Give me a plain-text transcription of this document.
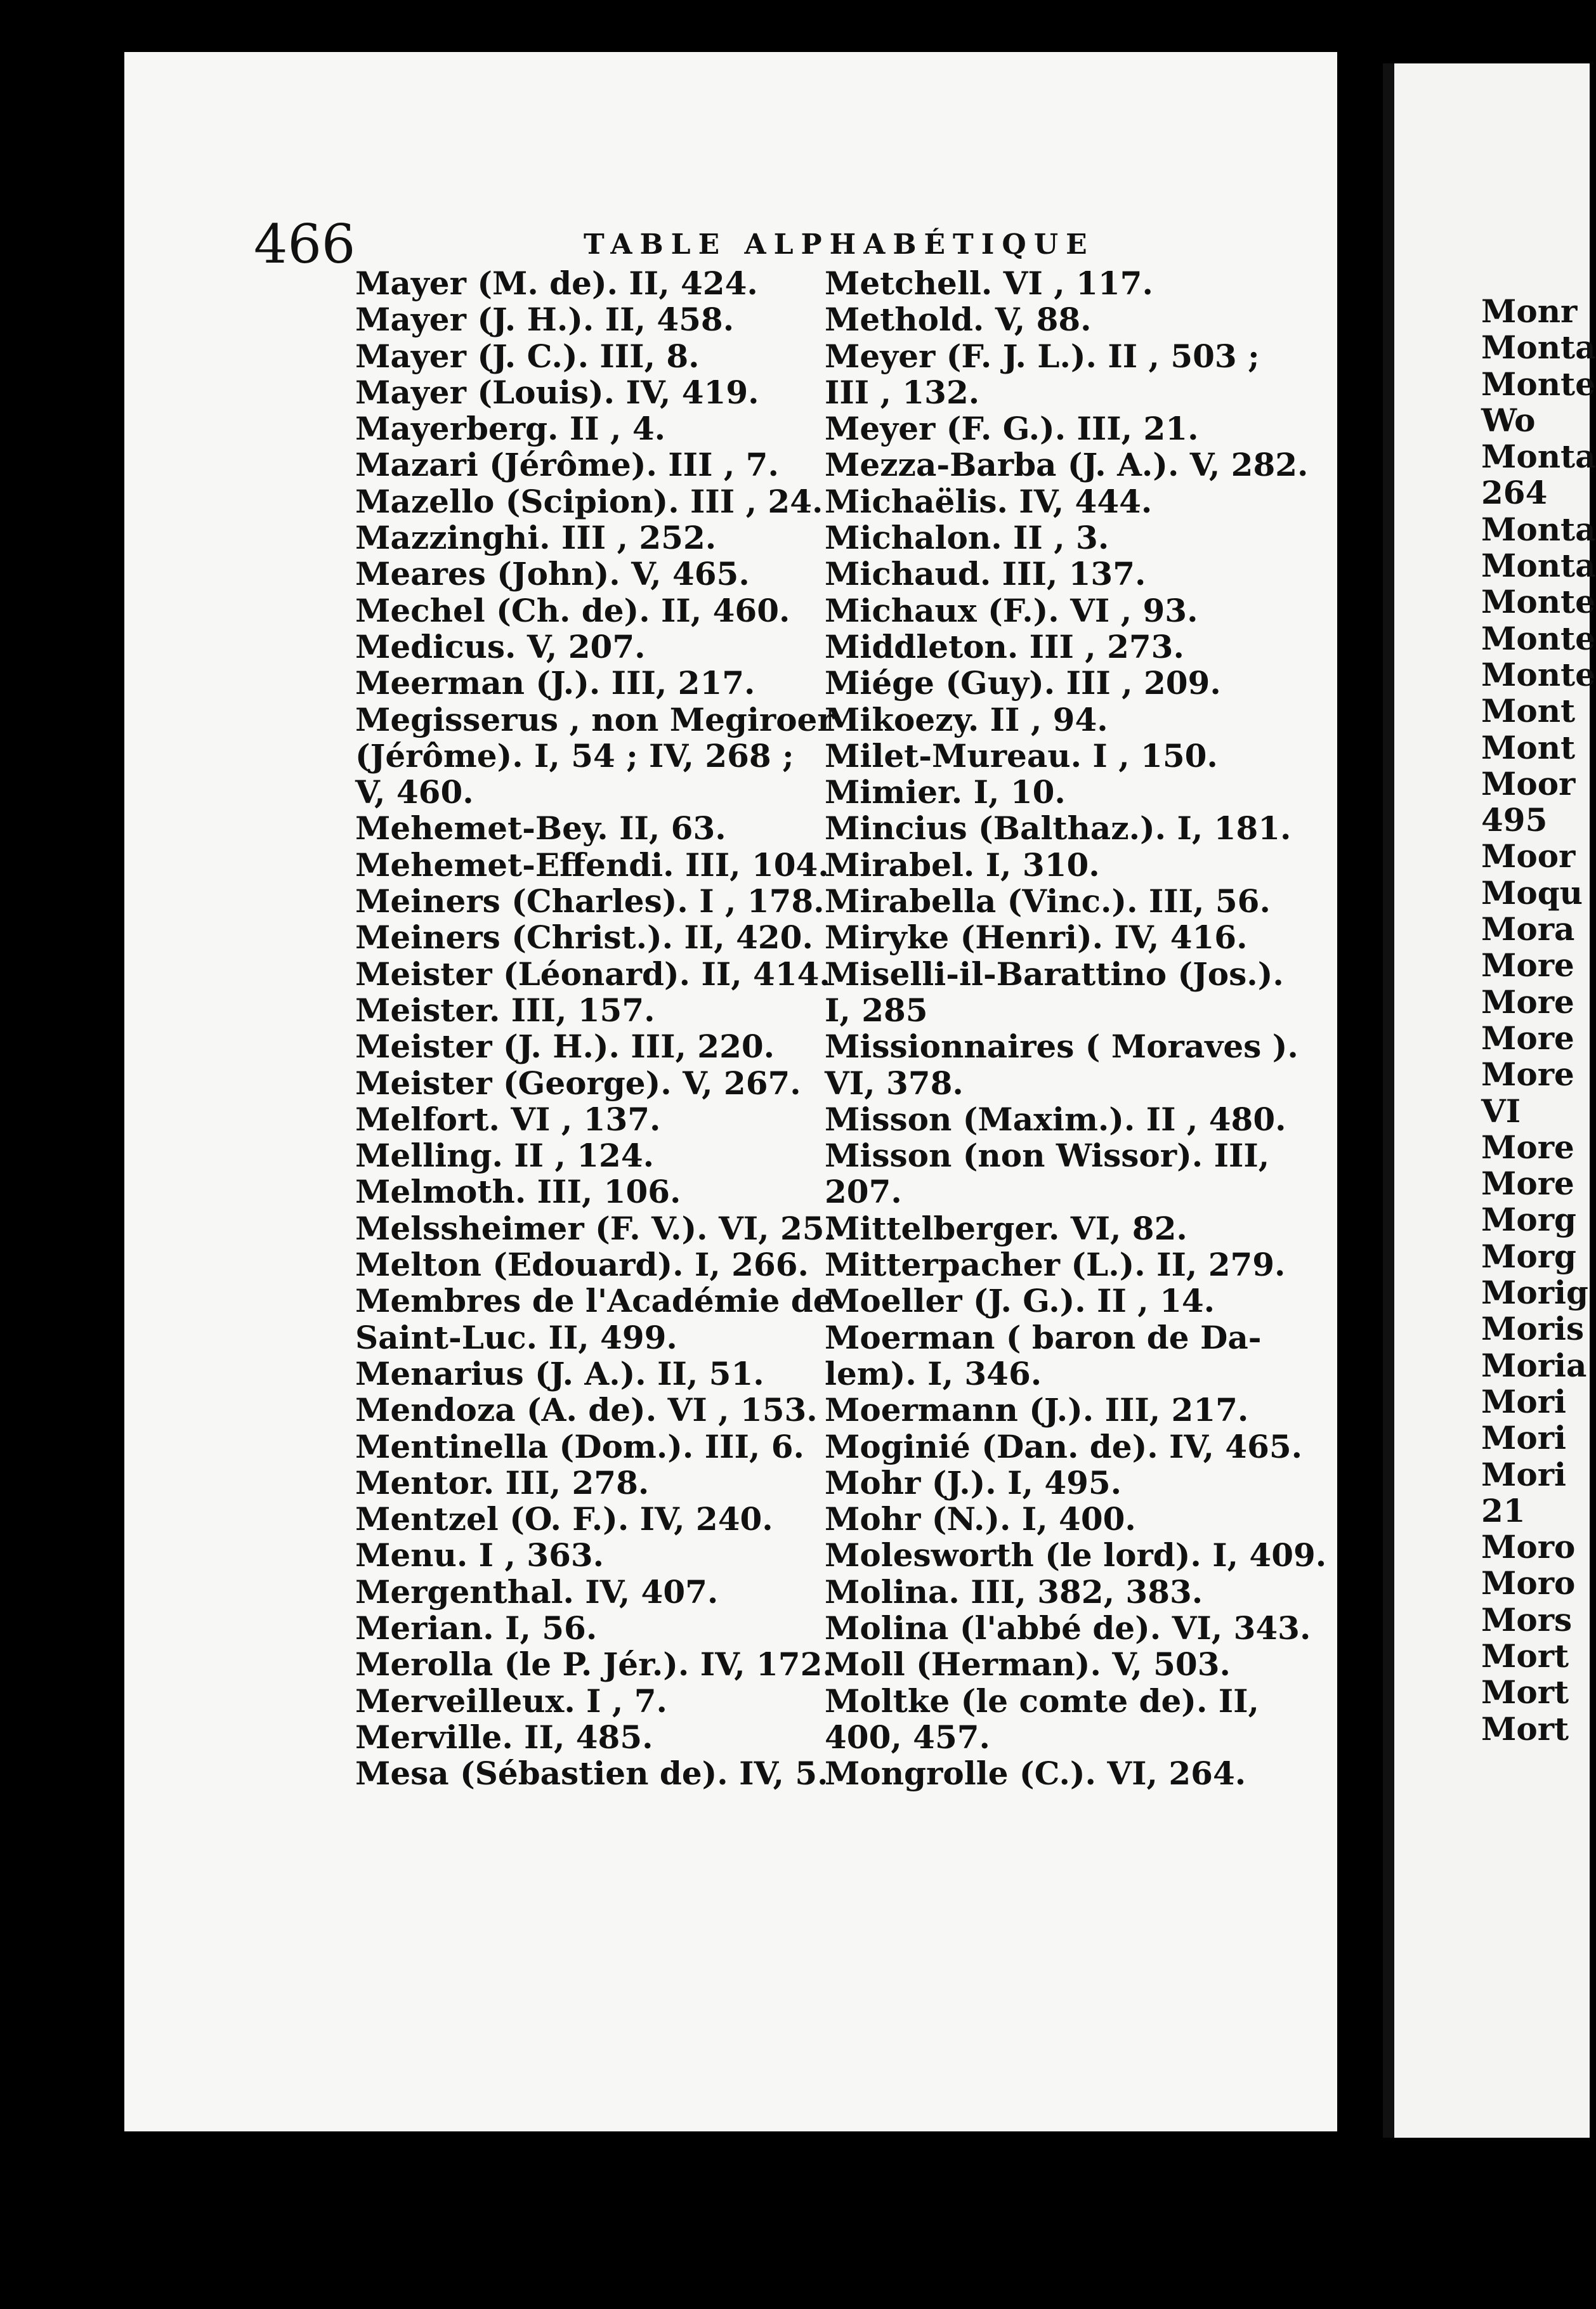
466	TABLE ALPHABÉTIQUE
Mayer (M. de). II, 424.
Mayer (J. H.). II, 458.
Mayer (J. C.). III, 8.
Mayer (Louis). IV, 419.
Mayerberg. II , 4.
Mazari (Jérôme). III , 7.
Mazello (Scipion). III , 24.
Mazzinghi. III , 252.
Meares (John). V, 465.
Mechel (Ch. de). II, 460.
Medicus. V, 207.
Meerman (J.). III, 217.
Megisserus , non Megiroer
(Jérôme). I, 54 ; IV, 268 ;
V, 460.
Mehemet-Bey. II, 63.
Mehemet-Effendi. III, 104.
Meiners (Charles). I , 178.
Meiners (Christ.). II, 420.
Meister (Léonard). II, 414.
Meister. III, 157.
Meister (J. H.). III, 220.
Meister (George). V, 267.
Melfort. VI , 137.
Melling. II , 124.
Melmoth. III, 106.
Melssheimer (F. V.). VI, 25.
Melton (Edouard). I, 266.
Membres de l'Académie de
Saint-Luc. II, 499.
Menarius (J. A.). II, 51.
Mendoza (A. de). VI , 153.
Mentinella (Dom.). III, 6.
Mentor. III, 278.
Mentzel (O. F.). IV, 240.
Menu. I , 363.
Mergenthal. IV, 407.
Merian. I, 56.
Merolla (le P. Jér.). IV, 172.
Merveilleux. I , 7.
Merville. II, 485.
Mesa (Sébastien de). IV, 5.
Metchell. VI , 117.
Methold. V, 88.
Meyer (F. J. L.). II , 503 ;
III , 132.
Meyer (F. G.). III, 21.
Mezza-Barba (J. A.). V, 282.
Michaëlis. IV, 444.
Michalon. II , 3.
Michaud. III, 137.
Michaux (F.). VI , 93.
Middleton. III , 273.
Miége (Guy). III , 209.
Mikoezy. II , 94.
Milet-Mureau. I , 150.
Mimier. I, 10.
Mincius (Balthaz.). I, 181.
Mirabel. I, 310.
Mirabella (Vinc.). III, 56.
Miryke (Henri). IV, 416.
Miselli-il-Barattino (Jos.).
I, 285
Missionnaires ( Moraves ).
VI, 378.
Misson (Maxim.). II , 480.
Misson (non Wissor). III,
207.
Mittelberger. VI, 82.
Mitterpacher (L.). II, 279.
Moeller (J. G.). II , 14.
Moerman ( baron de Da-
lem). I, 346.
Moermann (J.). III, 217.
Moginié (Dan. de). IV, 465.
Mohr (J.). I, 495.
Mohr (N.). I, 400.
Molesworth (le lord). I, 409.
Molina. III, 382, 383.
Molina (l'abbé de). VI, 343.
Moll (Herman). V, 503.
Moltke (le comte de). II,
400, 457.
Mongrolle (C.). VI, 264.
Monr
Monta
Monte
Wo
Monta
264
Monta
Monta
Monte
Monte
Monte
Mont
Mont
Moor
495
Moor
Moqu
Mora
More
More
More
More
VI
More
More
Morg
Morg
Morig
Moris
Moria
Mori
Mori
Mori
21
Moro
Moro
Mors
Mort
Mort
Mort
